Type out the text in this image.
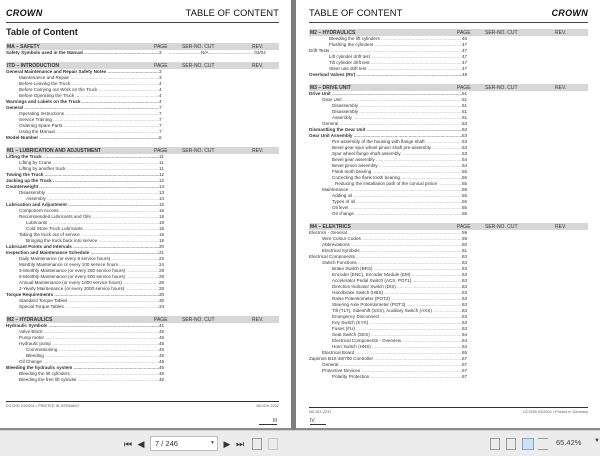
CROWN	TABLE OF CONTENT
Table of Content
MA – SAFETY	PAGE	SER-NO. CUT	REV.
Safety Symbols used in the Manual .....	3	........................ N/A .................................. 03/04
ITD – INTRODUCTION	PAGE	SER-NO. CUT	REV.
General Maintenance and Repair Safety Notes .....	3
Maintenance and Repair .....	3
Before Leaving the Truck .....	4
Before Carrying out Work on the Truck .....	4
Before Operating the Truck .....	4
Warnings and Labels on the Truck .....	4
General .....	7
Operating Instructions .....	7
Service Training .....	7
Ordering Spare Parts .....	7
Using the Manual .....	7
Model-Number .....	8
M1 – LUBRICATION AND ADJUSTMENT	PAGE	SER-NO. CUT	REV.
Lifting the Truck .....	11
Lifting by Crane .....	11
Lifting by another truck .....	11
Towing the Truck .....	12
Jacking up the Truck .....	12
Counterweight .....	13
Disassembly .....	13
Assembly .....	14
Lubrication and Adjustment .....	15
Component Access .....	15
Recommended Lubricants and Oils .....	18
Lubricants .....	18
Cold Store Truck Lubricants .....	18
Taking the truck out of service .....	18
Bringing the truck back into service .....	18
Lubricant Points and Intervals .....	20
Inspection and Maintenance Schedule .....	21
Daily Maintenance (or every 8 service hours) .....	22
Monthly Maintenance or every 100 service hours .....	24
3-Monthly Maintenance (or every 250 service hours) .....	28
6-Monthly Maintenance (or every 500 service hours) .....	28
Annual Maintenance (or every 1000 service hours) .....	28
2-Yearly Maintenance (or every 2000 service hours) .....	28
Torque Requirements .....	30
Standard Torque Tables .....	30
Special Torque Tables .....	34
M2 – HYDRAULICS	PAGE	SER-NO. CUT	REV.
Hydraulic Symbols .....	41
Valve Block .....	45
Pump motor .....	45
Hydraulic pump .....	45
Commissioning .....	45
Bleeding .....	45
Oil Change .....	45
Bleeding the hydraulic system .....	46
Bleeding the tilt cylinders .....	46
Bleeding the free lift cylinder .....	46
DC3200 03/2004 • PRINTED IN GERMANY	M0-IDX-2232
III
TABLE OF CONTENT	CROWN
M2 – HYDRAULICS	PAGE	SER-NO. CUT	REV.
Bleeding the lift cylinders .....	46
Flushing the cylinders .....	47
Drift Tests .....	47
Lift cylinder drift test .....	47
Tilt cylinder drift test .....	47
Steer unit drift test .....	47
Overload Valves (RV) .....	48
M3 – DRIVE UNIT	PAGE	SER-NO. CUT	REV.
Drive Unit .....	51
Gear Unit .....	51
Disassembly .....	51
Disassembly .....	51
Assembly .....	51
General .....	53
Dismantling the Gear Unit .....	53
Gear Unit Assembly .....	53
Pre-assembly of the housing with flange shaft .....	53
Bevel gear spur wheel pinion shaft pre-assembly .....	53
Spur wheel flange shaft assembly .....	53
Bevel gear assembly .....	54
Bevel pinion assembly .....	54
Flank tooth bearing .....	55
Correcting the flank tooth bearing .....	55
Reducing the installation path of the conical pinion .....	55
Maintenance .....	55
Adding oil .....	55
Types of oil .....	55
Oil level .....	55
Oil change .....	56
M4 – ELEKTRICS	PAGE	SER-NO. CUT	REV.
Electrics - General .....	59
Wire Colour Codes .....	59
Abbreviations .....	60
Electrical Symbols .....	61
Electrical Components .....	63
Switch Functions .....	63
Brake Switch (BRS) .....	63
Encoder (ENC), Encoder Module (EM) .....	63
Accelerator Pedal Switch (ACS, POT1) .....	63
Direction Indicator Switch (DIS) .....	63
Handbrake Switch (HBS) .....	63
Raise Potentiometer (POT2) .....	63
Steering Axle Potentiometer (POT3) .....	63
Tilt (TLT), Sideshift (SSS), Auxiliary Switch (AXS) .....	63
Emergency Disconnect .....	63
Key Switch (KYS) .....	63
Fuses (FU) .....	63
Seat Switch (SES) .....	64
Electrical Components - Overview .....	64
Horn Switch (HNS) .....	64
Electrical Board .....	65
Zapimos B1S 48/700 Controller .....	67
General .....	67
Protective Devices .....	67
Polarity Protection .....	67
M0-IDX-2232	DC3200 03/2004 • Printed in Germany
IV
⏮ ◀	7 / 246	▼ ▶ ⏭	65.42% ▼
